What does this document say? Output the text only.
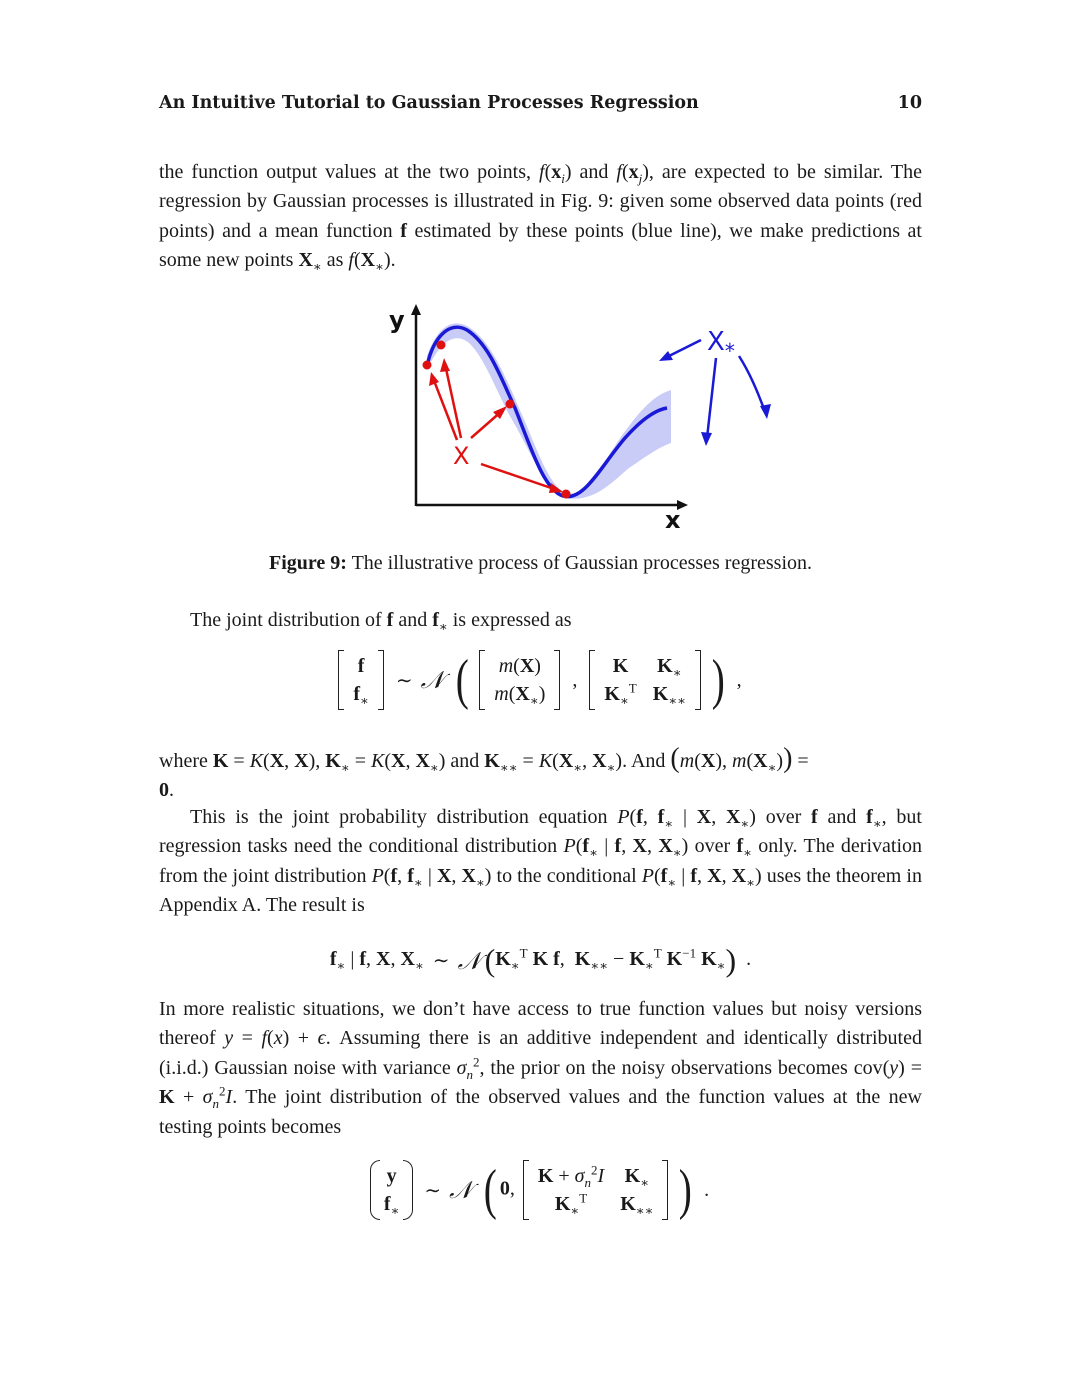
An Intuitive Tutorial to Gaussian Processes Regression	10

the function output values at the two points, $f(x_i)$ and $f(x_j)$, are expected to be similar. The regression by Gaussian processes is illustrated in Fig. 9: given some observed data points (red points) and a mean function f estimated by these points (blue line), we make predictions at some new points $X_∗$ as $f(X_∗)$.

y
x
X
$X_*$
Figure 9: The illustrative process of Gaussian processes regression.

The joint distribution of f and $f_∗$ is expressed as

f
$f_∗$
∼ 𝒩 ( m(X)
$m(X_∗)$
,
K	$K_∗$
$K_∗^T$	$K_{∗∗}$ ) ,

where K = K(X, X), $K_∗ = K(X$, $X_∗$) and $K_{∗∗} = K(X_∗$, $X_∗$). And (m(X), $m(X_∗)$) =
0.

This is the joint probability distribution equation P(f, $f_∗$ | X, $X_∗$) over f and $f_∗$, but regression tasks need the conditional distribution $P(f_∗$ | f, X, $X_∗$) over $f_∗$ only. The derivation from the joint distribution P(f, $f_∗$ | X, $X_∗$) to the conditional $P(f_∗$ | f, X, $X_∗$) uses the theorem in Appendix A. The result is

$f_∗$ | f, X, $X_∗$ ∼ 𝒩 ($K_∗^T$ K f,  $K_{∗∗} - K_∗^T$ $K^{-1}$ $K_∗$)  .

In more realistic situations, we don’t have access to true function values but noisy versions thereof y = f(x) + ϵ. Assuming there is an additive independent and identically distributed (i.i.d.) Gaussian noise with variance $\sigma_n^2$, the prior on the noisy observations becomes $cov(y) = K + \sigma_n^2I$. The joint distribution of the observed values and the function values at the new testing points becomes

y
$f_∗$
∼ 𝒩 ( 0,
$K + \sigma_n^2I$	$K_∗$
$K_∗^T$	$K_{∗∗}$ ) .
